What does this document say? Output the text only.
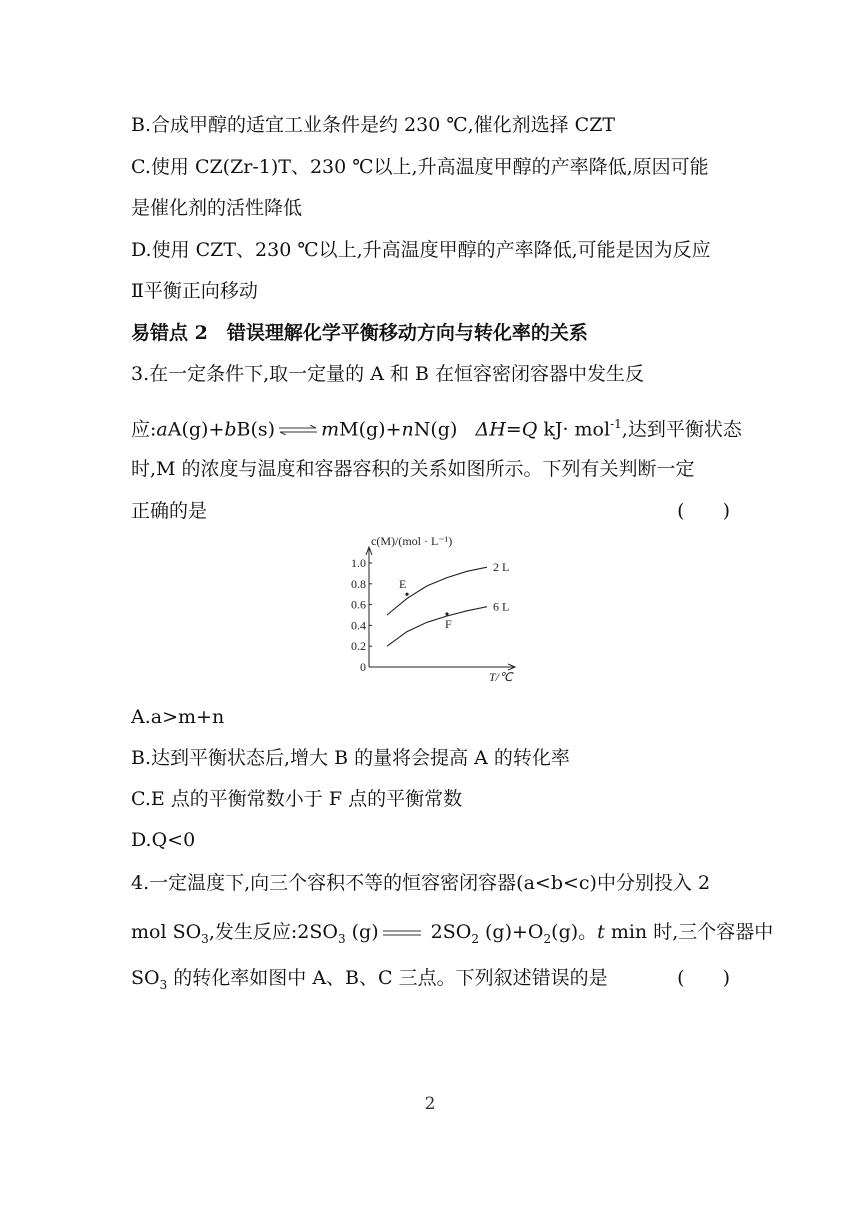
B.合成甲醇的适宜工业条件是约 230 ℃,催化剂选择 CZT
C.使用 CZ(Zr-1)T、230 ℃以上,升高温度甲醇的产率降低,原因可能
是催化剂的活性降低
D.使用 CZT、230 ℃以上,升高温度甲醇的产率降低,可能是因为反应
Ⅱ平衡正向移动
易错点 2　错误理解化学平衡移动方向与转化率的关系
3.在一定条件下,取一定量的 A 和 B 在恒容密闭容器中发生反
应:aA(g)+bB(s) ⇌ mM(g)+nN(g) ΔH=Q kJ· mol$^{-1}$,达到平衡状态
时,M 的浓度与温度和容器容积的关系如图所示。下列有关判断一定
正确的是	(　　)
0
0.2
0.4
0.6
0.8
1.0
c(M)/(mol · L⁻¹)
T/℃
2 L
6 L
E
F
A.a>m+n
B.达到平衡状态后,增大 B 的量将会提高 A 的转化率
C.E 点的平衡常数小于 F 点的平衡常数
D.Q<0
4.一定温度下,向三个容积不等的恒容密闭容器(a<b<c)中分别投入 2
mol $SO_3$,发生反应$:2SO_3$ (g) $2SO_2$ $(g)+O_2(g)$。t min 时,三个容器中
$SO_3$ 的转化率如图中 A、B、C 三点。下列叙述错误的是	(　　)
2
